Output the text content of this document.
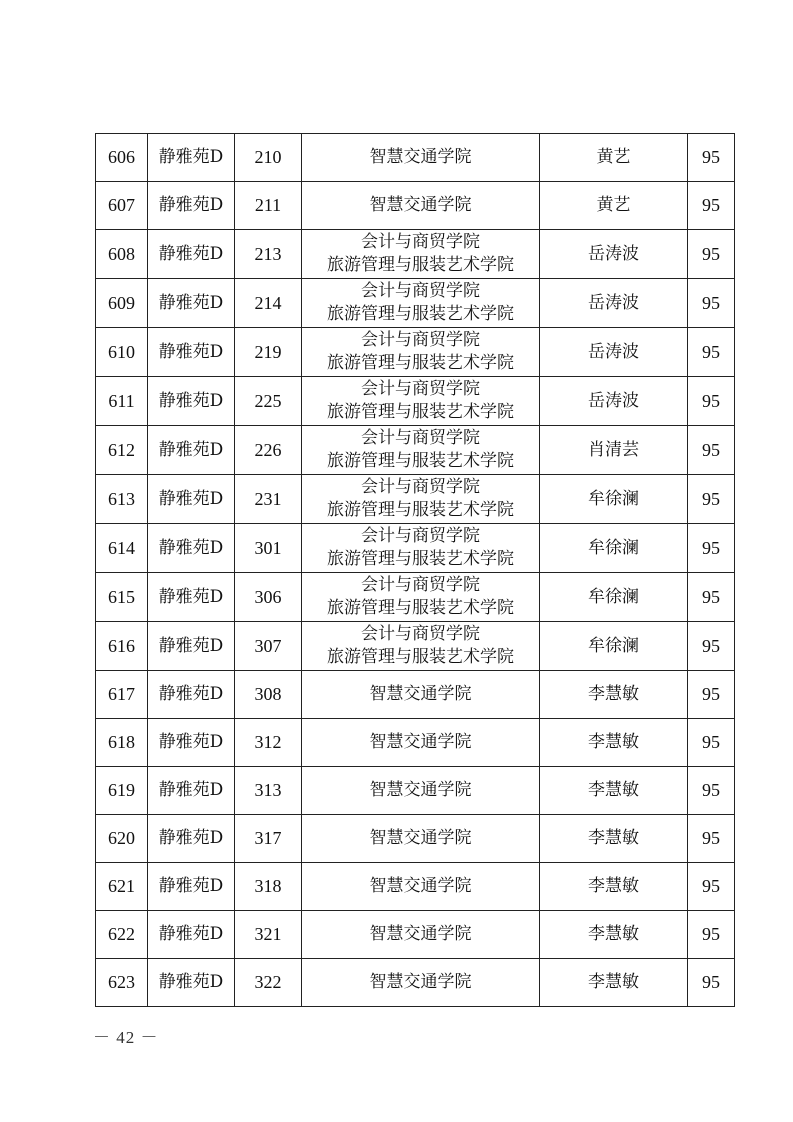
606	静雅苑D	210	智慧交通学院	黄艺	95
607	静雅苑D	211	智慧交通学院	黄艺	95
608	静雅苑D	213	会计与商贸学院
旅游管理与服装艺术学院	岳涛波	95
609	静雅苑D	214	会计与商贸学院
旅游管理与服装艺术学院	岳涛波	95
610	静雅苑D	219	会计与商贸学院
旅游管理与服装艺术学院	岳涛波	95
611	静雅苑D	225	会计与商贸学院
旅游管理与服装艺术学院	岳涛波	95
612	静雅苑D	226	会计与商贸学院
旅游管理与服装艺术学院	肖清芸	95
613	静雅苑D	231	会计与商贸学院
旅游管理与服装艺术学院	牟徐澜	95
614	静雅苑D	301	会计与商贸学院
旅游管理与服装艺术学院	牟徐澜	95
615	静雅苑D	306	会计与商贸学院
旅游管理与服装艺术学院	牟徐澜	95
616	静雅苑D	307	会计与商贸学院
旅游管理与服装艺术学院	牟徐澜	95
617	静雅苑D	308	智慧交通学院	李慧敏	95
618	静雅苑D	312	智慧交通学院	李慧敏	95
619	静雅苑D	313	智慧交通学院	李慧敏	95
620	静雅苑D	317	智慧交通学院	李慧敏	95
621	静雅苑D	318	智慧交通学院	李慧敏	95
622	静雅苑D	321	智慧交通学院	李慧敏	95
623	静雅苑D	322	智慧交通学院	李慧敏	95
－ 42 －
